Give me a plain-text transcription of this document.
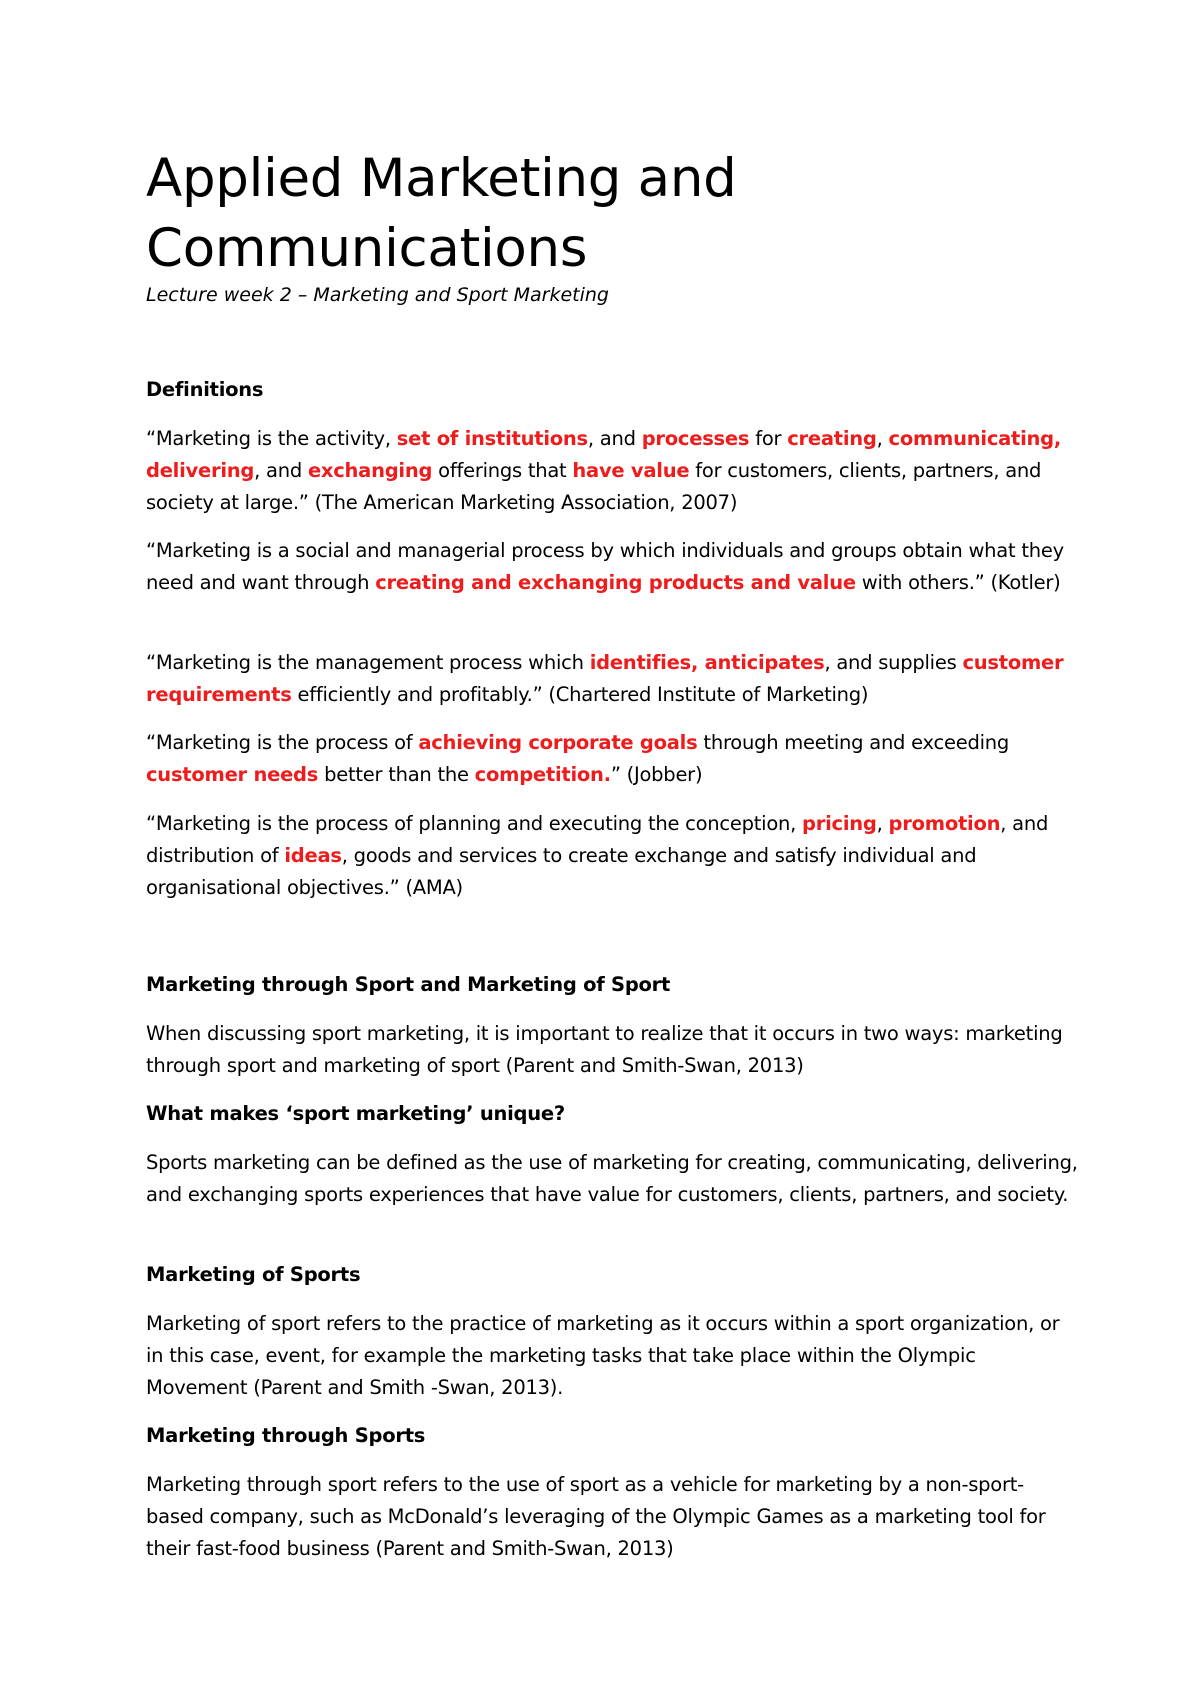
Applied Marketing and
Communications
Lecture week 2 – Marketing and Sport Marketing
Definitions
“Marketing is the activity, set of institutions, and processes for creating, communicating, delivering, and exchanging offerings that have value for customers, clients, partners, and society at large.” (The American Marketing Association, 2007)
“Marketing is a social and managerial process by which individuals and groups obtain what they need and want through creating and exchanging products and value with others.” (Kotler)
“Marketing is the management process which identifies, anticipates, and supplies customer requirements efficiently and profitably.” (Chartered Institute of Marketing)
“Marketing is the process of achieving corporate goals through meeting and exceeding customer needs better than the competition.” (Jobber)
“Marketing is the process of planning and executing the conception, pricing, promotion, and distribution of ideas, goods and services to create exchange and satisfy individual and organisational objectives.” (AMA)
Marketing through Sport and Marketing of Sport
When discussing sport marketing, it is important to realize that it occurs in two ways: marketing through sport and marketing of sport (Parent and Smith-Swan, 2013)
What makes ‘sport marketing’ unique?
Sports marketing can be defined as the use of marketing for creating, communicating, delivering, and exchanging sports experiences that have value for customers, clients, partners, and society.
Marketing of Sports
Marketing of sport refers to the practice of marketing as it occurs within a sport organization, or in this case, event, for example the marketing tasks that take place within the Olympic Movement (Parent and Smith -Swan, 2013).
Marketing through Sports
Marketing through sport refers to the use of sport as a vehicle for marketing by a non-sport-based company, such as McDonald’s leveraging of the Olympic Games as a marketing tool for their fast-food business (Parent and Smith-Swan, 2013)
